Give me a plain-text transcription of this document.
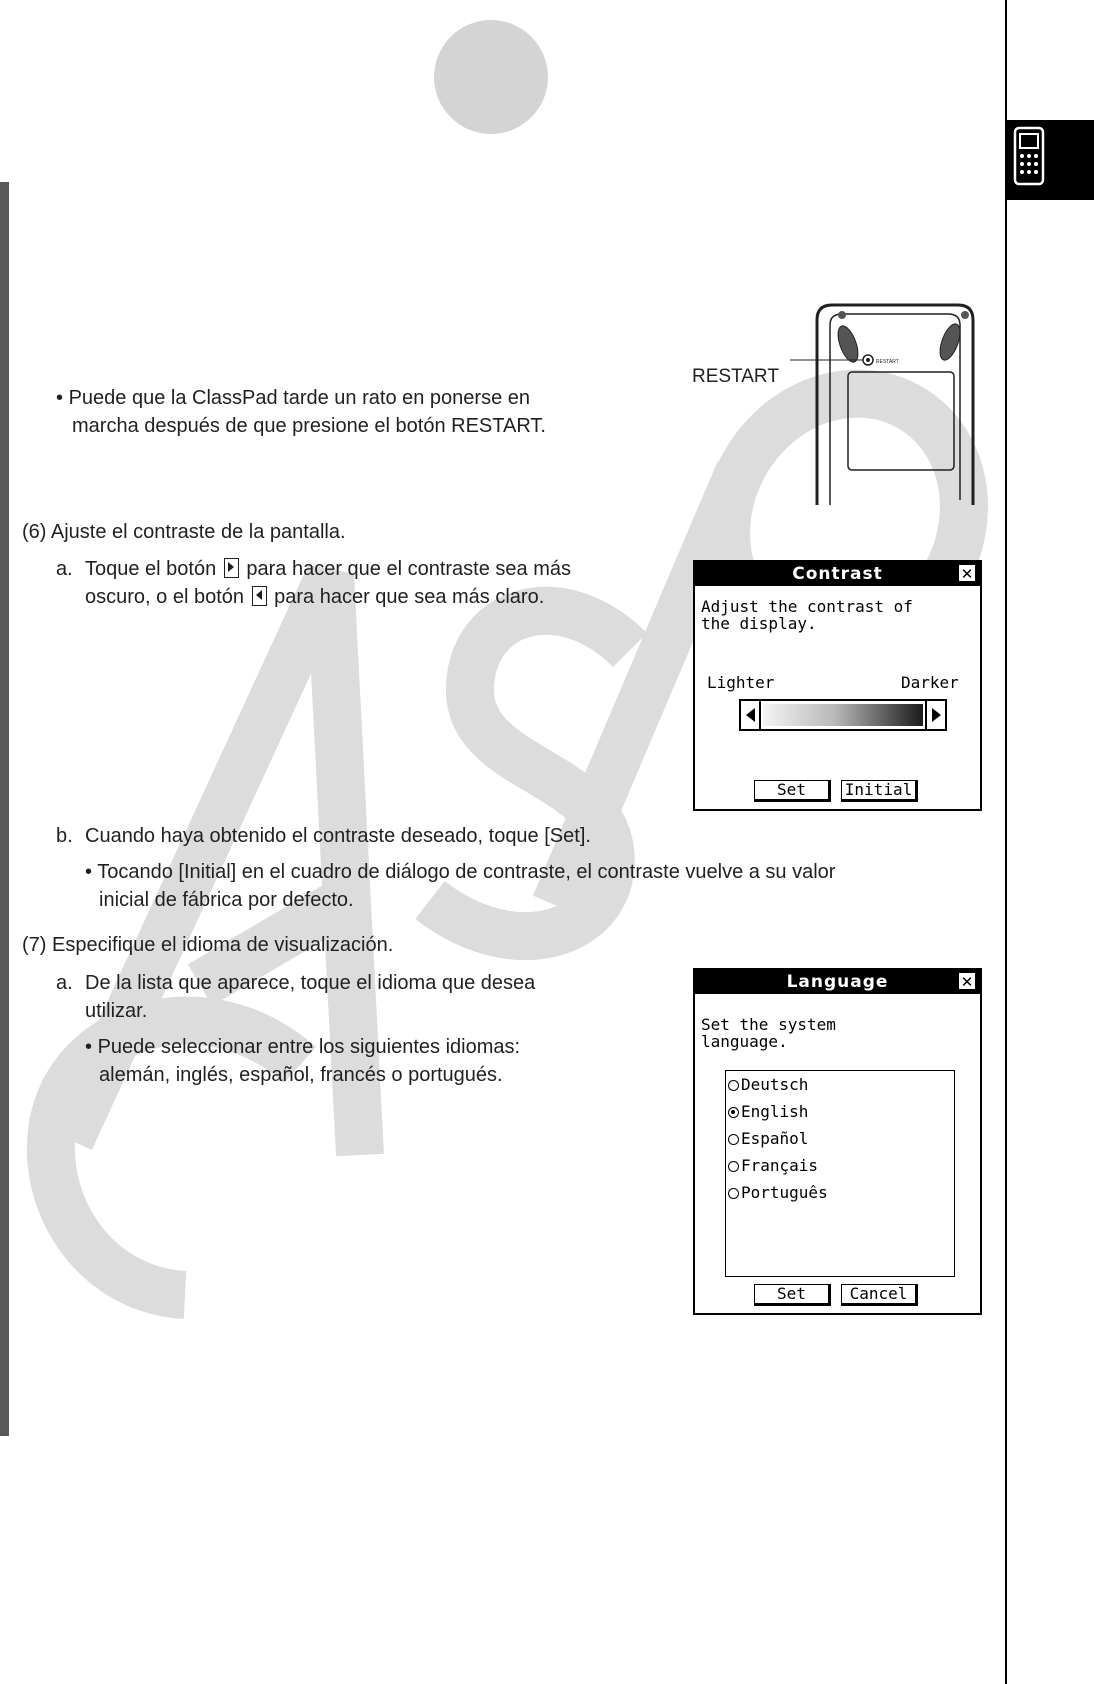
RESTART
RESTART
• Puede que la ClassPad tarde un rato en ponerse en
marcha después de que presione el botón RESTART.
(6) Ajuste el contraste de la pantalla.
a. Toque el botón para hacer que el contraste sea más
oscuro, o el botón para hacer que sea más claro.
Contrast	✕
Adjust the contrast of
the display.
Lighter	Darker
Set	Initial
b. Cuando haya obtenido el contraste deseado, toque [Set].
• Tocando [Initial] en el cuadro de diálogo de contraste, el contraste vuelve a su valor
inicial de fábrica por defecto.
(7) Especifique el idioma de visualización.
a. De la lista que aparece, toque el idioma que desea
utilizar.
• Puede seleccionar entre los siguientes idiomas:
alemán, inglés, español, francés o portugués.
Language	✕
Set the system
language.
Deutsch
English
Español
Français
Português
Set	Cancel
